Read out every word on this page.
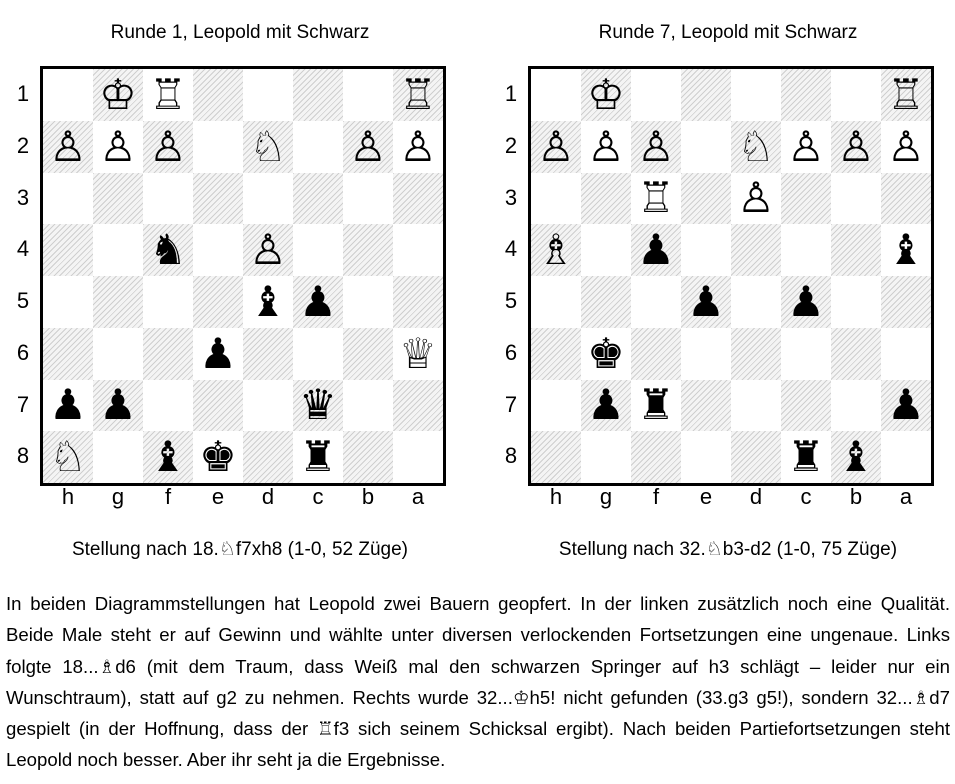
Runde 1, Leopold mit Schwarz
♔ ♖	♖
♙ ♙ ♙ ♘ ♙ ♙
♞ ♙
♝ ♟
♟	♕
♟ ♟	♛
♘ ♝ ♚ ♜
1
2
3
4
5
6
7
8
h	g	f	e	d	c	b	a
Stellung nach 18.♘f7xh8 (1-0, 52 Züge)
Runde 7, Leopold mit Schwarz
♔	♖
♙ ♙ ♙ ♘ ♙ ♙ ♙
♖ ♙
♗ ♟	♝
♟ ♟
♚
♟ ♜	♟
♜ ♝
1
2
3
4
5
6
7
8
h	g	f	e	d	c	b	a
Stellung nach 32.♘b3-d2 (1-0, 75 Züge)

In beiden Diagrammstellungen hat Leopold zwei Bauern geopfert. In der linken zusätzlich noch eine Qualität. Beide Male steht er auf Gewinn und wählte unter diversen verlockenden Fortsetzungen eine ungenaue. Links folgte 18...♗d6 (mit dem Traum, dass Weiß mal den schwarzen Springer auf h3 schlägt – leider nur ein Wunschtraum), statt auf g2 zu nehmen. Rechts wurde 32...♔h5! nicht gefunden (33.g3 g5!), sondern 32...♗d7 gespielt (in der Hoffnung, dass der ♖f3 sich seinem Schicksal ergibt). Nach beiden Partiefortsetzungen steht Leopold noch besser. Aber ihr seht ja die Ergebnisse.
